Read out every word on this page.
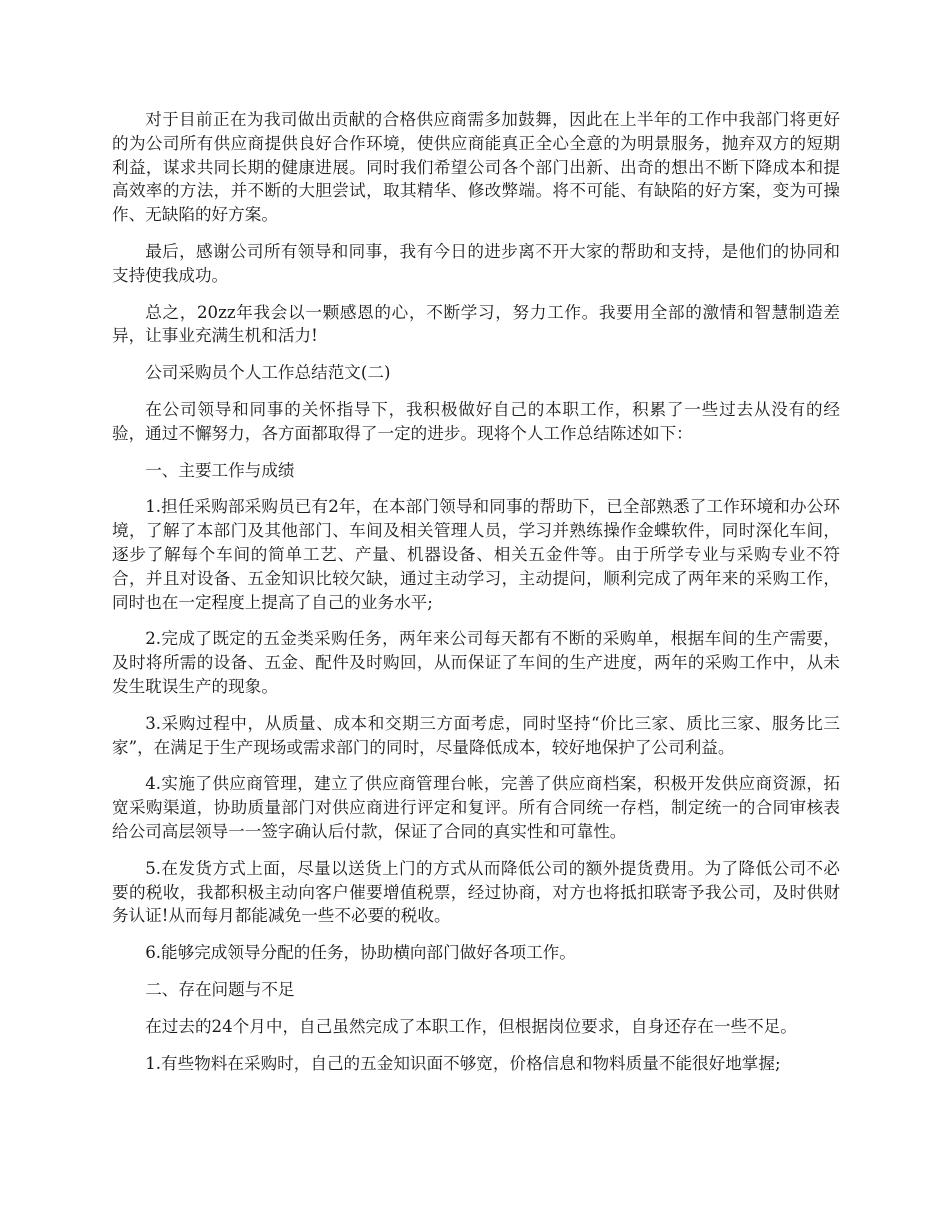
对于目前正在为我司做出贡献的合格供应商需多加鼓舞，因此在上半年的工作中我部门将更好的为公司所有供应商提供良好合作环境，使供应商能真正全心全意的为明景服务，抛弃双方的短期利益，谋求共同长期的健康进展。同时我们希望公司各个部门出新、出奇的想出不断下降成本和提高效率的方法，并不断的大胆尝试，取其精华、修改弊端。将不可能、有缺陷的好方案，变为可操作、无缺陷的好方案。

最后，感谢公司所有领导和同事，我有今日的进步离不开大家的帮助和支持，是他们的协同和支持使我成功。

总之，20zz年我会以一颗感恩的心，不断学习，努力工作。我要用全部的激情和智慧制造差异，让事业充满生机和活力!

公司采购员个人工作总结范文(二)

在公司领导和同事的关怀指导下，我积极做好自己的本职工作，积累了一些过去从没有的经验，通过不懈努力，各方面都取得了一定的进步。现将个人工作总结陈述如下：

一、主要工作与成绩

1.担任采购部采购员已有2年，在本部门领导和同事的帮助下，已全部熟悉了工作环境和办公环境，了解了本部门及其他部门、车间及相关管理人员，学习并熟练操作金蝶软件，同时深化车间，逐步了解每个车间的简单工艺、产量、机器设备、相关五金件等。由于所学专业与采购专业不符合，并且对设备、五金知识比较欠缺，通过主动学习，主动提问，顺利完成了两年来的采购工作，同时也在一定程度上提高了自己的业务水平;

2.完成了既定的五金类采购任务，两年来公司每天都有不断的采购单，根据车间的生产需要，及时将所需的设备、五金、配件及时购回，从而保证了车间的生产进度，两年的采购工作中，从未发生耽误生产的现象。

3.采购过程中，从质量、成本和交期三方面考虑，同时坚持“价比三家、质比三家、服务比三家”，在满足于生产现场或需求部门的同时，尽量降低成本，较好地保护了公司利益。

4.实施了供应商管理，建立了供应商管理台帐，完善了供应商档案，积极开发供应商资源，拓宽采购渠道，协助质量部门对供应商进行评定和复评。所有合同统一存档，制定统一的合同审核表给公司高层领导一一签字确认后付款，保证了合同的真实性和可靠性。

5.在发货方式上面，尽量以送货上门的方式从而降低公司的额外提货费用。为了降低公司不必要的税收，我都积极主动向客户催要增值税票，经过协商，对方也将抵扣联寄予我公司，及时供财务认证!从而每月都能减免一些不必要的税收。

6.能够完成领导分配的任务，协助横向部门做好各项工作。

二、存在问题与不足

在过去的24个月中，自己虽然完成了本职工作，但根据岗位要求，自身还存在一些不足。

1.有些物料在采购时，自己的五金知识面不够宽，价格信息和物料质量不能很好地掌握;
